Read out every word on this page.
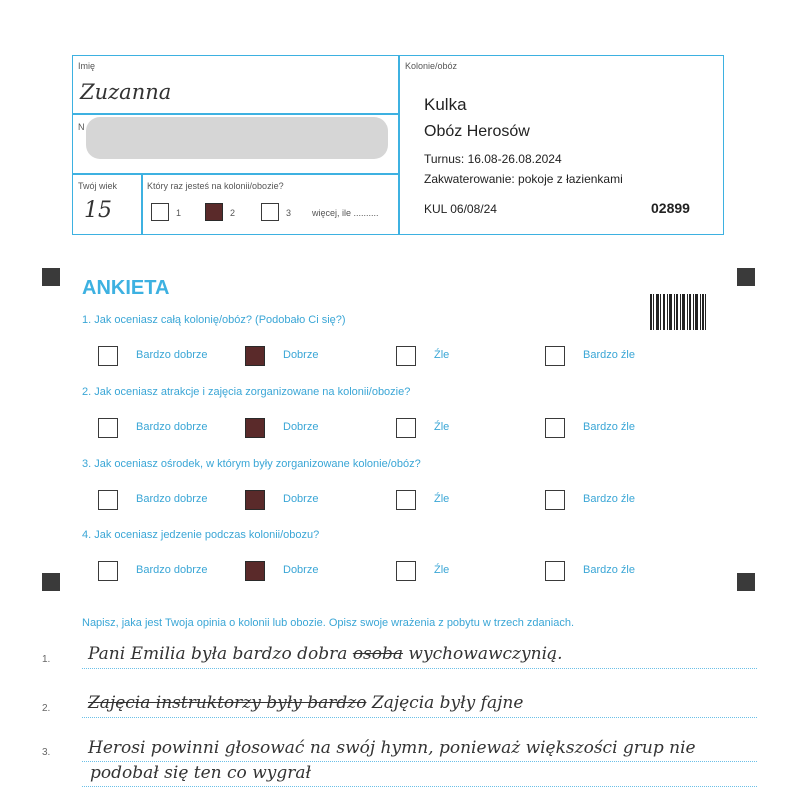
Imię
Zuzanna
N
Twój wiek
15
Który raz jesteś na kolonii/obozie?
1	2	3 więcej, ile ..........
Kolonie/obóz
Kulka
Obóz Herosów
Turnus: 16.08-26.08.2024
Zakwaterowanie: pokoje z łazienkami
KUL 06/08/24	02899
ANKIETA
1. Jak oceniasz całą kolonię/obóz? (Podobało Ci się?)
Bardzo dobrze	Dobrze	Źle	Bardzo źle
2. Jak oceniasz atrakcje i zajęcia zorganizowane na kolonii/obozie?
Bardzo dobrze	Dobrze	Źle	Bardzo źle
3. Jak oceniasz ośrodek, w którym były zorganizowane kolonie/obóz?
Bardzo dobrze	Dobrze	Źle	Bardzo źle
4. Jak oceniasz jedzenie podczas kolonii/obozu?
Bardzo dobrze	Dobrze	Źle	Bardzo źle
Napisz, jaka jest Twoja opinia o kolonii lub obozie. Opisz swoje wrażenia z pobytu w trzech zdaniach.
1. Pani Emilia była bardzo dobra osoba wychowawczynią.
2. Zajęcia instruktorzy były bardzo Zajęcia były fajne
3. Herosi powinni głosować na swój hymn, ponieważ większości grup nie
podobał się ten co wygrał
